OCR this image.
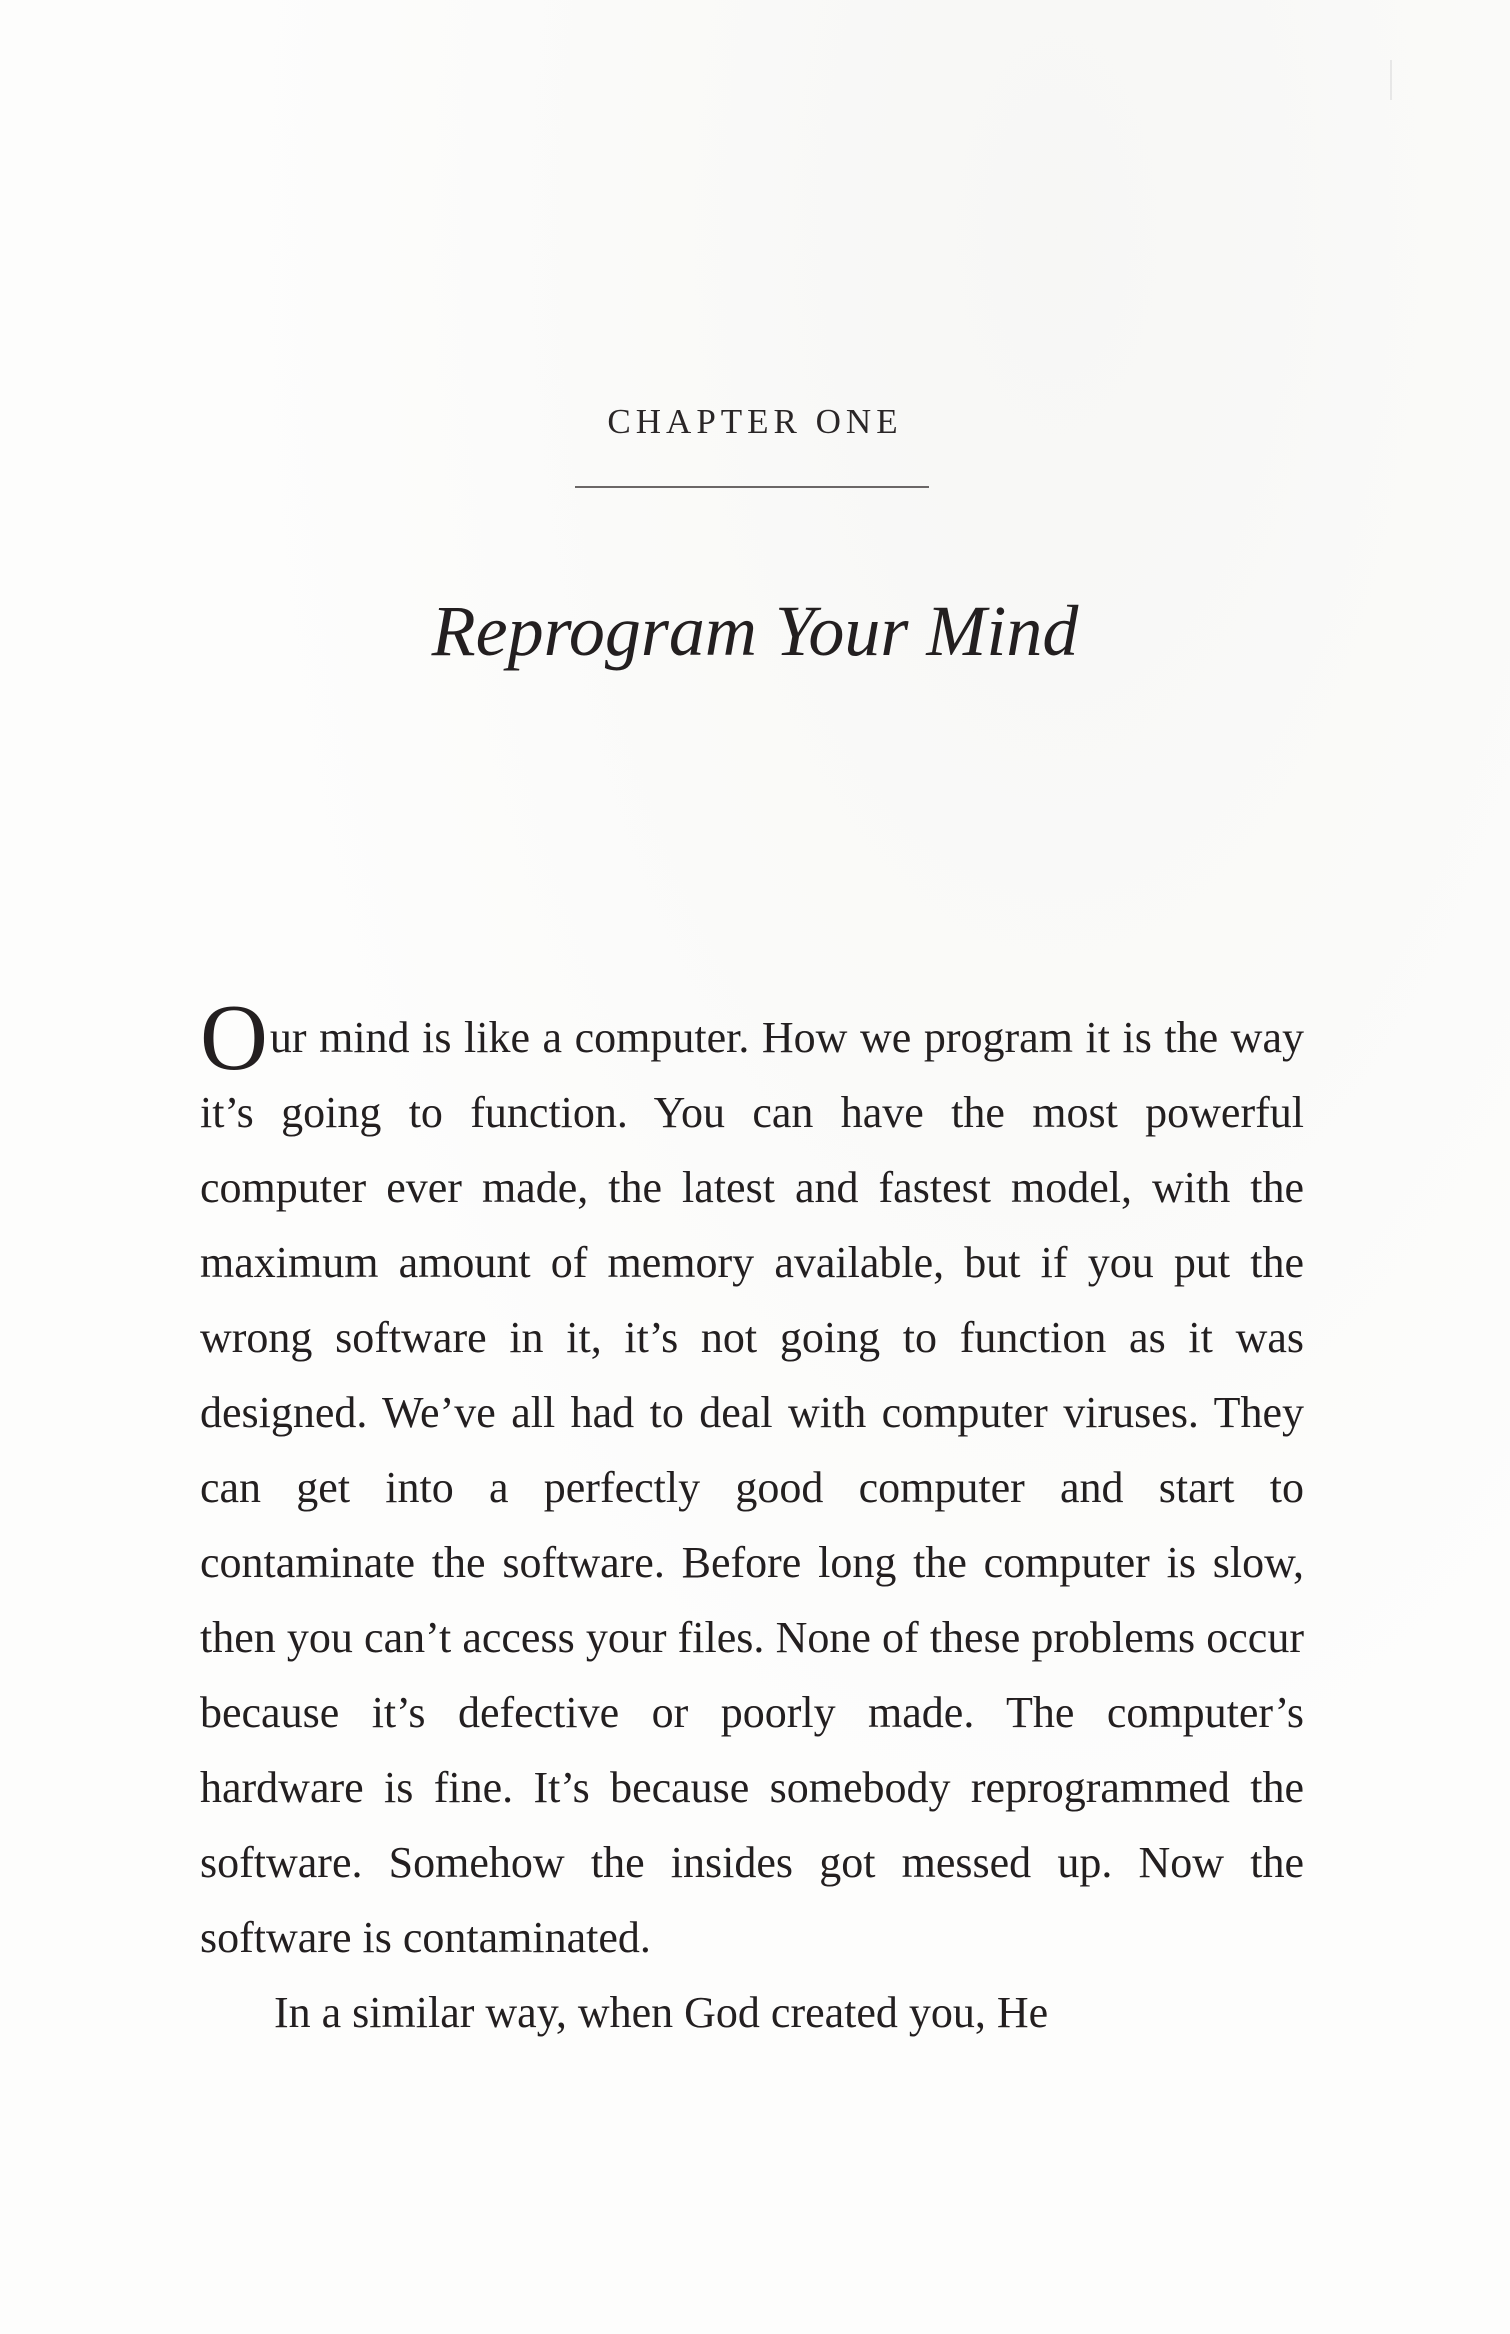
CHAPTER ONE
Reprogram Your Mind

Our mind is like a computer. How we program it is the way it’s going to function. You can have the most powerful computer ever made, the latest and fastest model, with the maximum amount of memory available, but if you put the wrong software in it, it’s not going to function as it was designed. We’ve all had to deal with computer viruses. They can get into a perfectly good computer and start to contaminate the software. Before long the computer is slow, then you can’t access your files. None of these problems occur because it’s defective or poorly made. The computer’s hardware is fine. It’s because somebody reprogrammed the software. Somehow the insides got messed up. Now the software is contaminated.

In a similar way, when God created you, He
